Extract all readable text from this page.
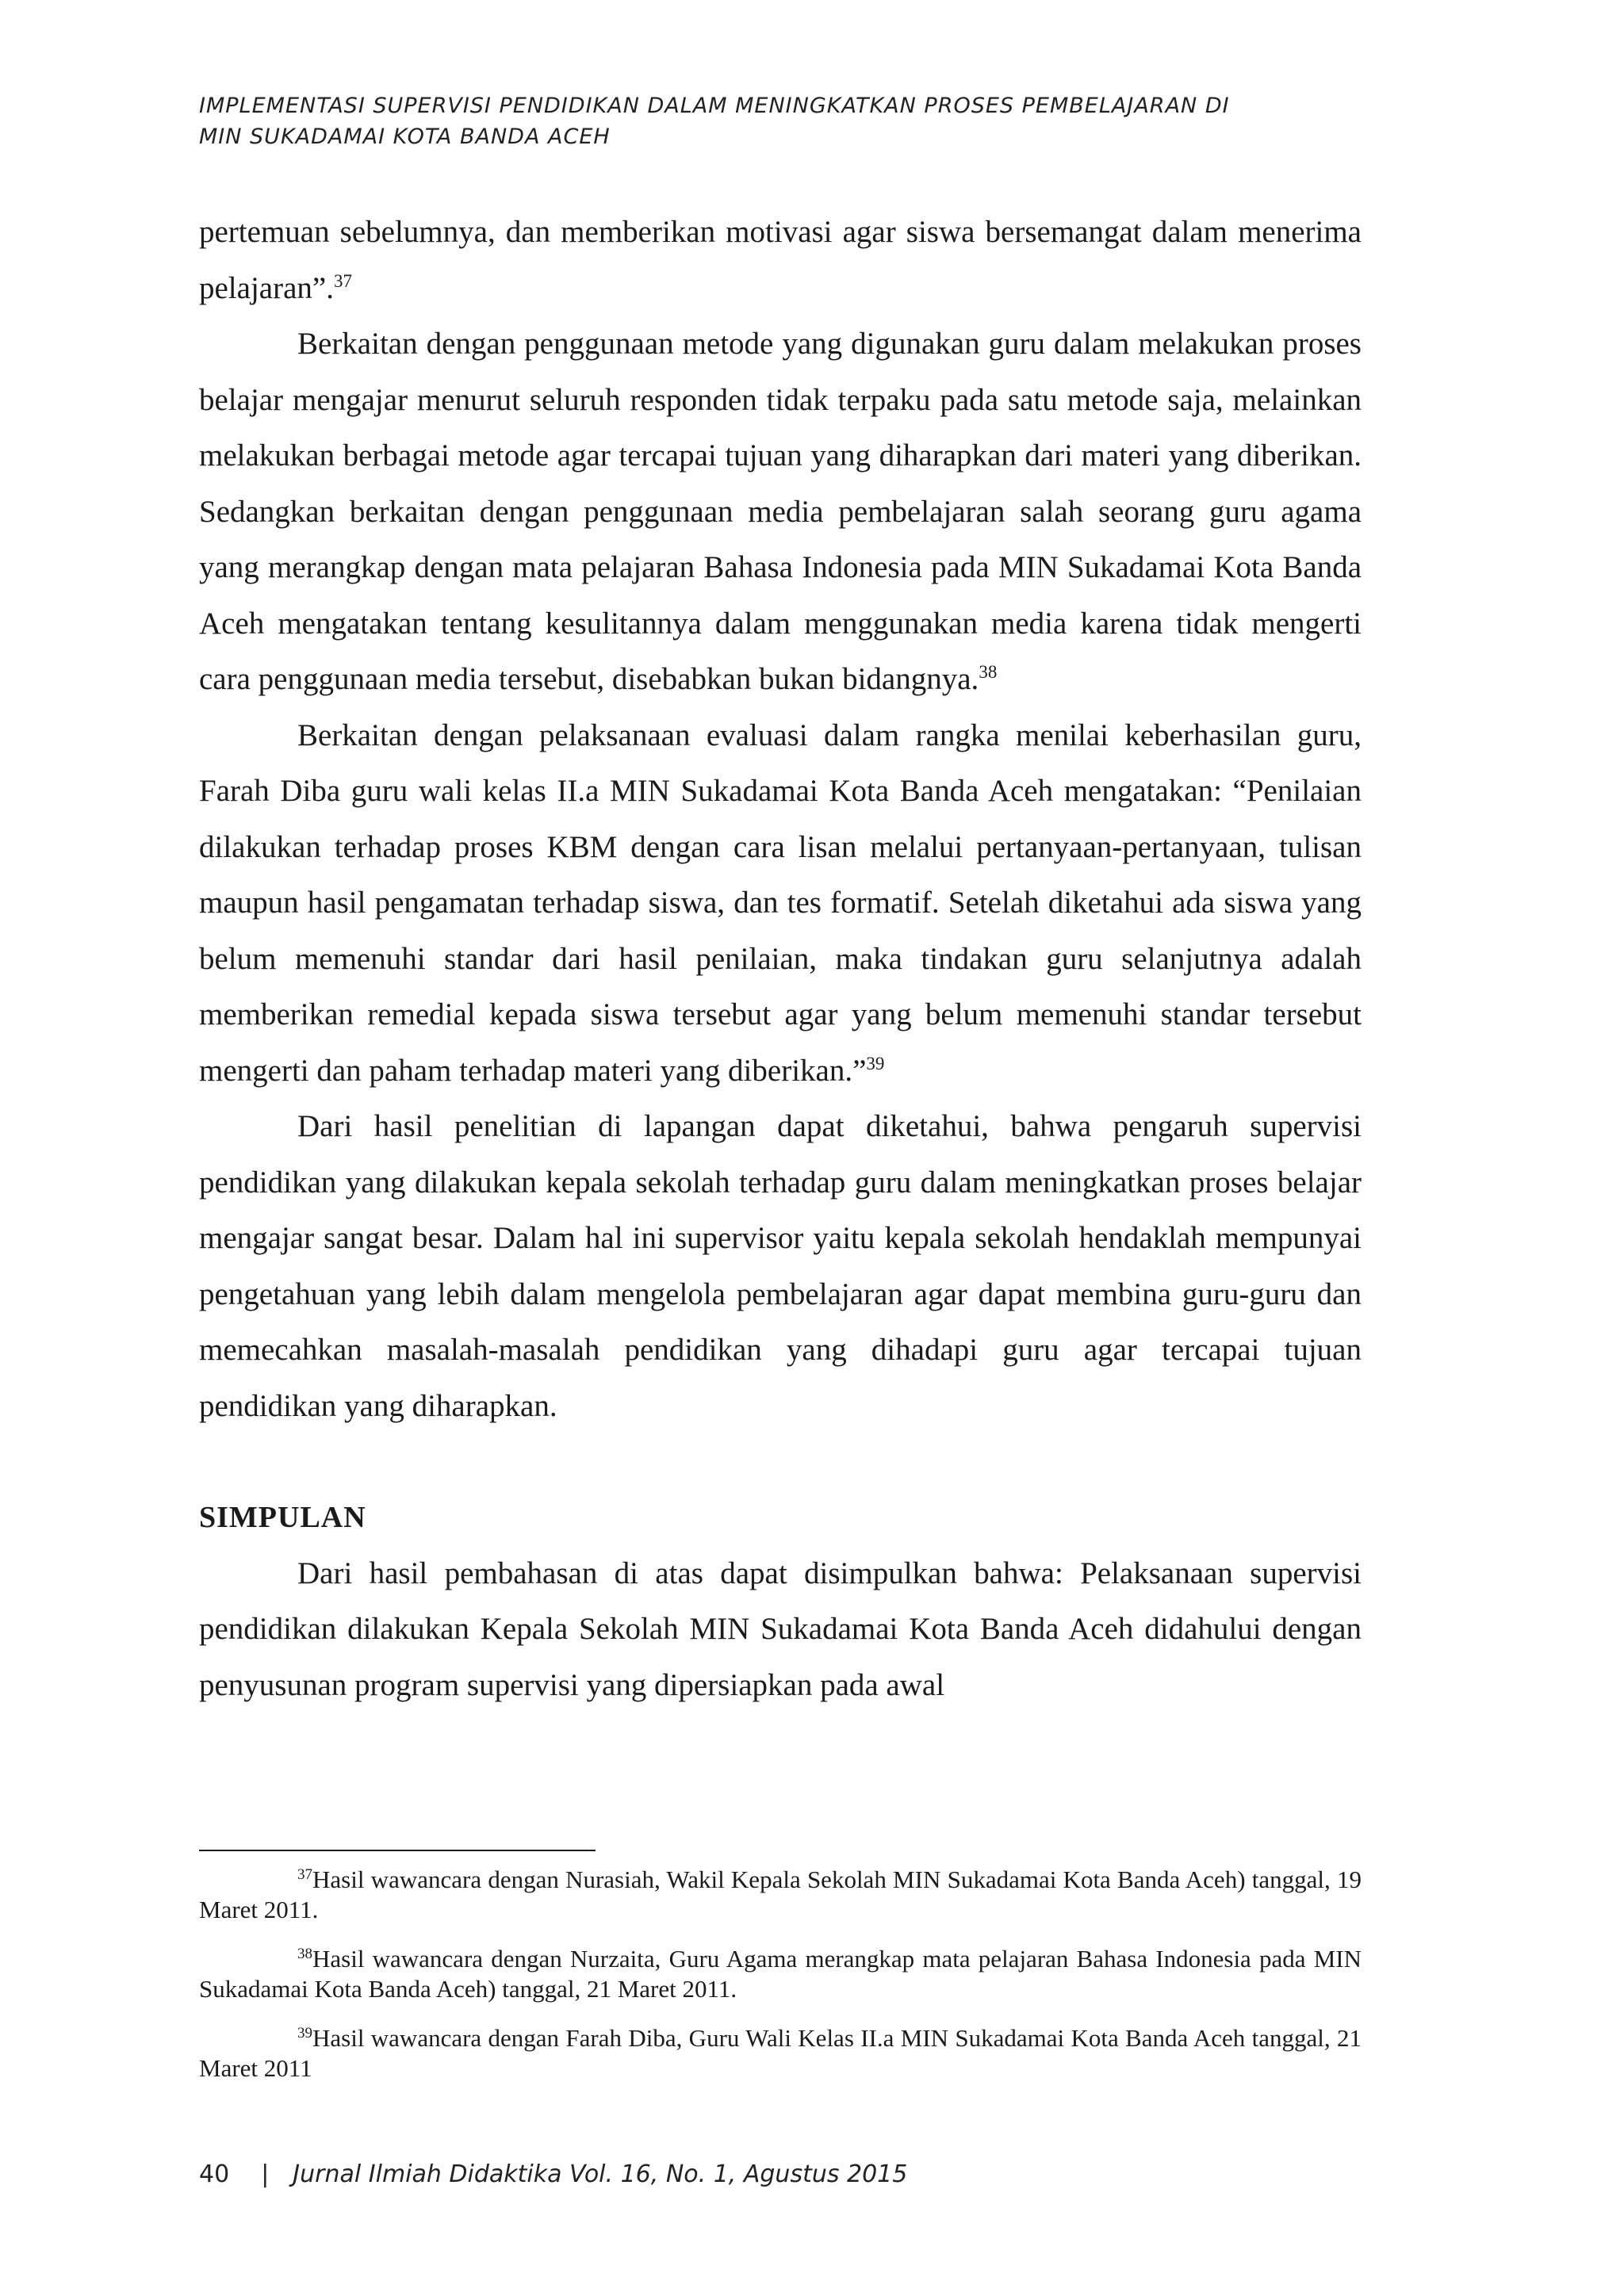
IMPLEMENTASI SUPERVISI PENDIDIKAN DALAM MENINGKATKAN PROSES PEMBELAJARAN DI
MIN SUKADAMAI KOTA BANDA ACEH

pertemuan sebelumnya, dan memberikan motivasi agar siswa bersemangat dalam menerima pelajaran”.$^{37}$

Berkaitan dengan penggunaan metode yang digunakan guru dalam melakukan proses belajar mengajar menurut seluruh responden tidak terpaku pada satu metode saja, melainkan melakukan berbagai metode agar tercapai tujuan yang diharapkan dari materi yang diberikan. Sedangkan berkaitan dengan penggunaan media pembelajaran salah seorang guru agama yang merangkap dengan mata pelajaran Bahasa Indonesia pada MIN Sukadamai Kota Banda Aceh mengatakan tentang kesulitannya dalam menggunakan media karena tidak mengerti cara penggunaan media tersebut, disebabkan bukan bidangnya.$^{38}$

Berkaitan dengan pelaksanaan evaluasi dalam rangka menilai keberhasilan guru, Farah Diba guru wali kelas II.a MIN Sukadamai Kota Banda Aceh mengatakan: “Penilaian dilakukan terhadap proses KBM dengan cara lisan melalui pertanyaan-pertanyaan, tulisan maupun hasil pengamatan terhadap siswa, dan tes formatif. Setelah diketahui ada siswa yang belum memenuhi standar dari hasil penilaian, maka tindakan guru selanjutnya adalah memberikan remedial kepada siswa tersebut agar yang belum memenuhi standar tersebut mengerti dan paham terhadap materi yang diberikan.”$^{39}$

Dari hasil penelitian di lapangan dapat diketahui, bahwa pengaruh supervisi pendidikan yang dilakukan kepala sekolah terhadap guru dalam meningkatkan proses belajar mengajar sangat besar. Dalam hal ini supervisor yaitu kepala sekolah hendaklah mempunyai pengetahuan yang lebih dalam mengelola pembelajaran agar dapat membina guru-guru dan memecahkan masalah-masalah pendidikan yang dihadapi guru agar tercapai tujuan pendidikan yang diharapkan.

SIMPULAN

Dari hasil pembahasan di atas dapat disimpulkan bahwa: Pelaksanaan supervisi pendidikan dilakukan Kepala Sekolah MIN Sukadamai Kota Banda Aceh didahului dengan penyusunan program supervisi yang dipersiapkan pada awal

$^{37}$Hasil wawancara dengan Nurasiah, Wakil Kepala Sekolah MIN Sukadamai Kota Banda Aceh) tanggal, 19 Maret 2011.

$^{38}$Hasil wawancara dengan Nurzaita, Guru Agama merangkap mata pelajaran Bahasa Indonesia pada MIN Sukadamai Kota Banda Aceh) tanggal, 21 Maret 2011.

$^{39}$Hasil wawancara dengan Farah Diba, Guru Wali Kelas II.a MIN Sukadamai Kota Banda Aceh tanggal, 21 Maret 2011

40 | Jurnal Ilmiah Didaktika Vol. 16, No. 1, Agustus 2015
